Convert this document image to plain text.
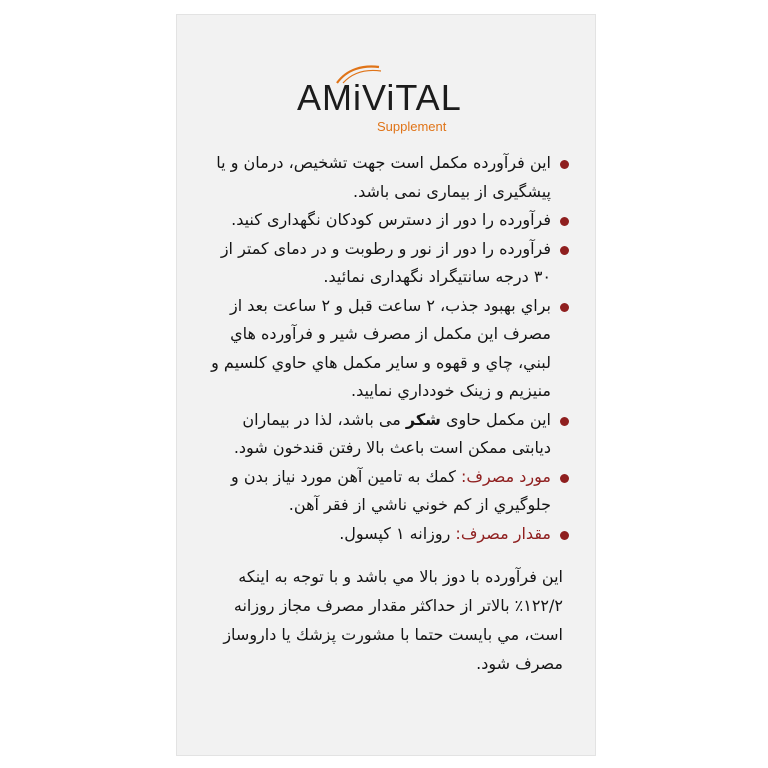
AMiViTAL
Supplement

این فرآورده مکمل است جهت تشخیص، درمان و یا پیشگیری از بیماری نمی باشد.

فرآورده را دور از دسترس کودکان نگهداری کنید.

فرآورده را دور از نور و رطوبت و در دمای کمتر از ۳۰ درجه سانتیگراد نگهداری نمائید.

براي بهبود جذب، ۲ ساعت قبل و ۲ ساعت بعد از مصرف این مکمل از مصرف شیر و فرآورده هاي لبني، چاي و قهوه و سایر مکمل هاي حاوي کلسیم و منیزیم و زینک خودداري نمایید.

این مکمل حاوی شکر می باشد، لذا در بیماران دیابتی ممکن است باعث بالا رفتن قندخون شود.

مورد مصرف: کمك به تامین آهن مورد نیاز بدن و جلوگیري از کم خوني ناشي از فقر آهن.

مقدار مصرف: روزانه ۱ کپسول.

این فرآورده با دوز بالا مي باشد و با توجه به اینکه ۱۲۲/۲٪ بالاتر از حداکثر مقدار مصرف مجاز روزانه است، مي بایست حتما با مشورت پزشك یا داروساز مصرف شود.
